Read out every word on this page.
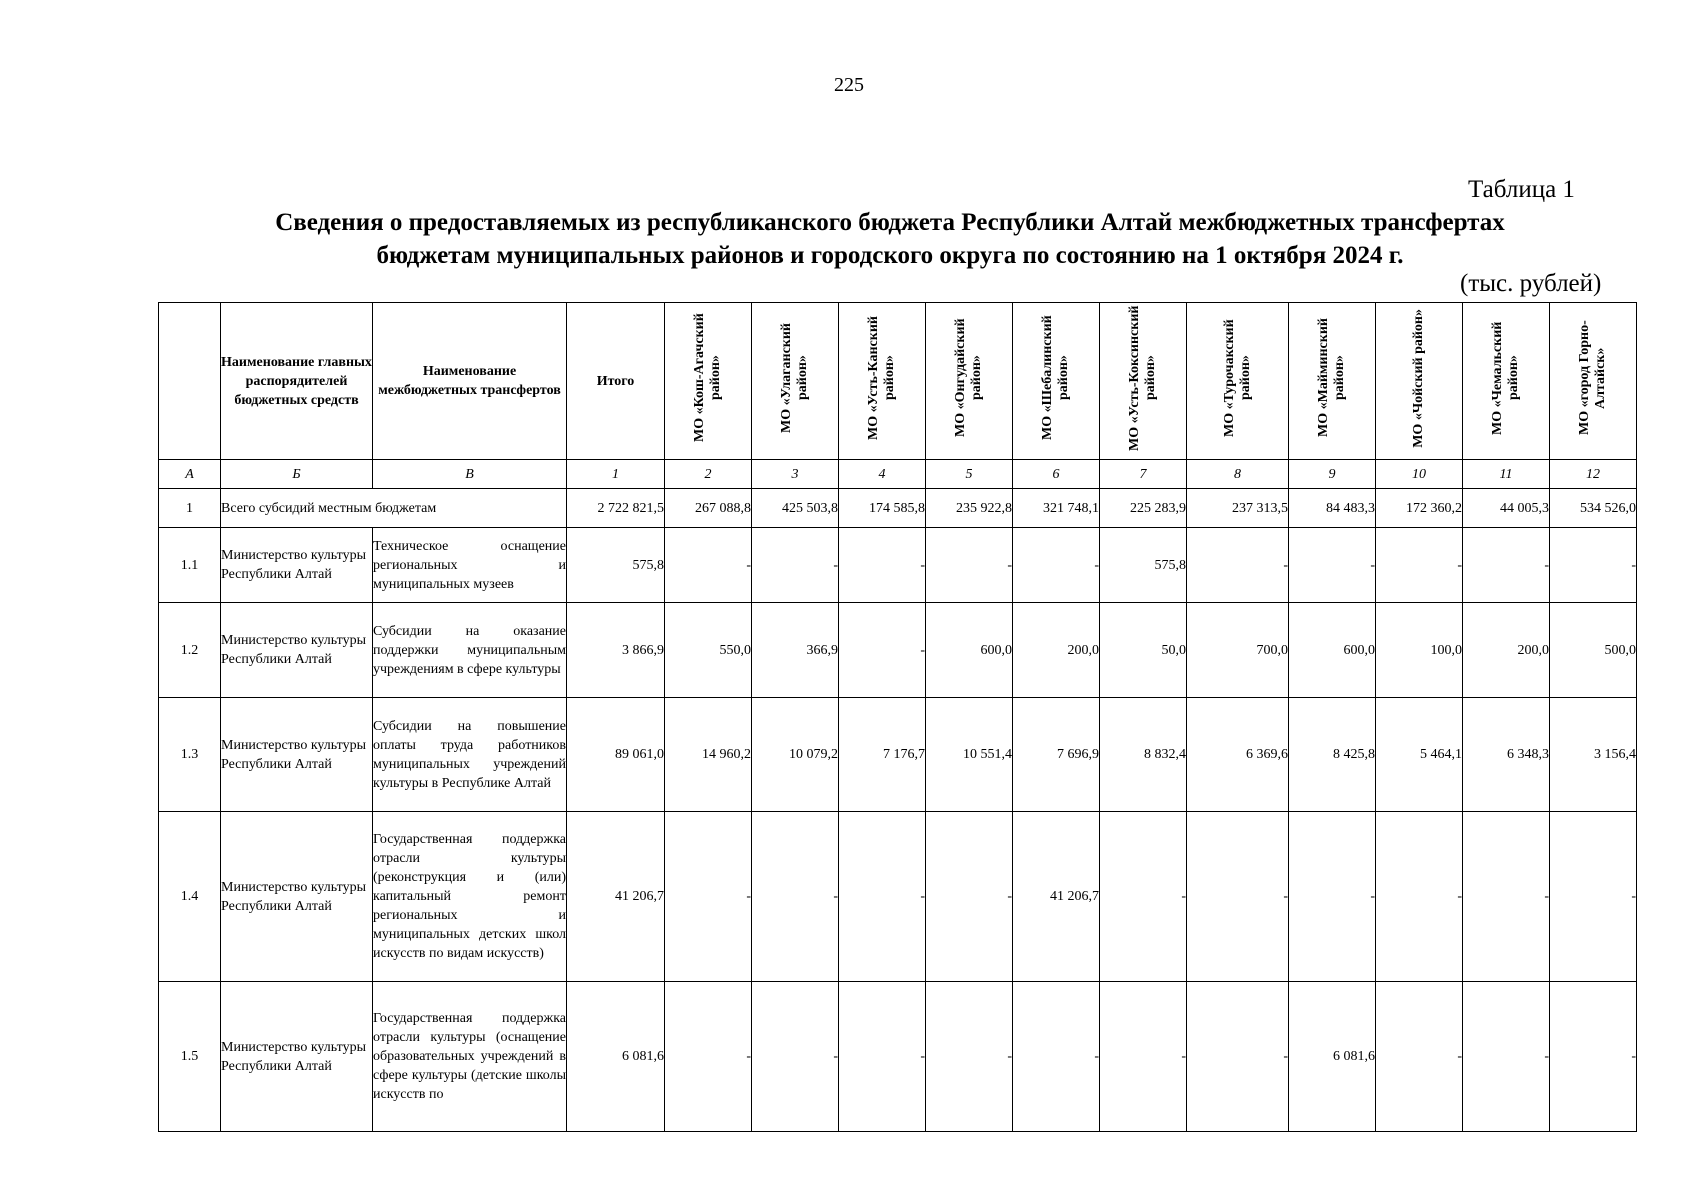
225
Таблица 1
Сведения о предоставляемых из республиканского бюджета Республики Алтай межбюджетных трансфертах
бюджетам муниципальных районов и городского округа по состоянию на 1 октября 2024 г.
(тыс. рублей)
	Наименование главных распорядителей бюджетных средств	Наименование межбюджетных трансфертов	Итого	МО «Кош-Агачский район»	МО «Улаганский район»	МО «Усть-Канский район»	МО «Онгудайский район»	МО «Шебалинский район»	МО «Усть-Коксинский район»	МО «Турочакский район»	МО «Майминский район»	МО «Чойский район»	МО «Чемальский район»	МО «город Горно-Алтайск»
А	Б	В	1	2	3	4	5	6	7	8	9	10	11	12
1	Всего субсидий местным бюджетам		2 722 821,5	267 088,8	425 503,8	174 585,8	235 922,8	321 748,1	225 283,9	237 313,5	84 483,3	172 360,2	44 005,3	534 526,0
1.1	Министерство культуры Республики Алтай	Техническое оснащение региональных и муниципальных музеев	575,8	-	-	-	-	-	575,8	-	-	-	-	-
1.2	Министерство культуры Республики Алтай	Субсидии на оказание поддержки муниципальным учреждениям в сфере культуры	3 866,9	550,0	366,9	-	600,0	200,0	50,0	700,0	600,0	100,0	200,0	500,0
1.3	Министерство культуры Республики Алтай	Субсидии на повышение оплаты труда работников муниципальных учреждений культуры в Республике Алтай	89 061,0	14 960,2	10 079,2	7 176,7	10 551,4	7 696,9	8 832,4	6 369,6	8 425,8	5 464,1	6 348,3	3 156,4
1.4	Министерство культуры Республики Алтай	Государственная поддержка отрасли культуры (реконструкция и (или) капитальный ремонт региональных и муниципальных детских школ искусств по видам искусств)	41 206,7	-	-	-	-	41 206,7	-	-	-	-	-	-
1.5	Министерство культуры Республики Алтай	Государственная поддержка отрасли культуры (оснащение образовательных учреждений в сфере культуры (детские школы искусств по	6 081,6	-	-	-	-	-	-	-	6 081,6	-	-	-
